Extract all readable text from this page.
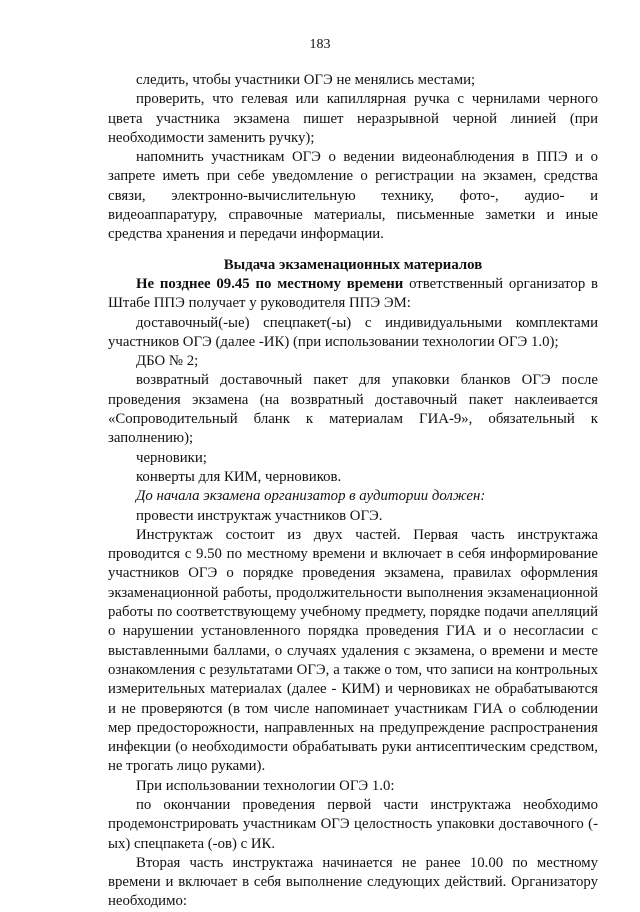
183

следить, чтобы участники ОГЭ не менялись местами;

проверить, что гелевая или капиллярная ручка с чернилами черного цвета участника экзамена пишет неразрывной черной линией (при необходимости заменить ручку);

напомнить участникам ОГЭ о ведении видеонаблюдения в ППЭ и о запрете иметь при себе уведомление о регистрации на экзамен, средства связи, электронно-вычислительную технику, фото-, аудио- и видеоаппаратуру, справочные материалы, письменные заметки и иные средства хранения и передачи информации.

Выдача экзаменационных материалов

Не позднее 09.45 по местному времени ответственный организатор в Штабе ППЭ получает у руководителя ППЭ ЭМ:

доставочный(-ые) спецпакет(-ы) с индивидуальными комплектами участников ОГЭ (далее -ИК) (при использовании технологии ОГЭ 1.0);

ДБО № 2;

возвратный доставочный пакет для упаковки бланков ОГЭ после проведения экзамена (на возвратный доставочный пакет наклеивается «Сопроводительный бланк к материалам ГИА-9», обязательный к заполнению);

черновики;

конверты для КИМ, черновиков.

До начала экзамена организатор в аудитории должен:

провести инструктаж участников ОГЭ.

Инструктаж состоит из двух частей. Первая часть инструктажа проводится с 9.50 по местному времени и включает в себя информирование участников ОГЭ о порядке проведения экзамена, правилах оформления экзаменационной работы, продолжительности выполнения экзаменационной работы по соответствующему учебному предмету, порядке подачи апелляций о нарушении установленного порядка проведения ГИА и о несогласии с выставленными баллами, о случаях удаления с экзамена, о времени и месте ознакомления с результатами ОГЭ, а также о том, что записи на контрольных измерительных материалах (далее - КИМ) и черновиках не обрабатываются и не проверяются (в том числе напоминает участникам ГИА о соблюдении мер предосторожности, направленных на предупреждение распространения инфекции (о необходимости обрабатывать руки антисептическим средством, не трогать лицо руками).

При использовании технологии ОГЭ 1.0:

по окончании проведения первой части инструктажа необходимо продемонстрировать участникам ОГЭ целостность упаковки доставочного (-ых) спецпакета (-ов) с ИК.

Вторая часть инструктажа начинается не ранее 10.00 по местному времени и включает в себя выполнение следующих действий. Организатору необходимо:
